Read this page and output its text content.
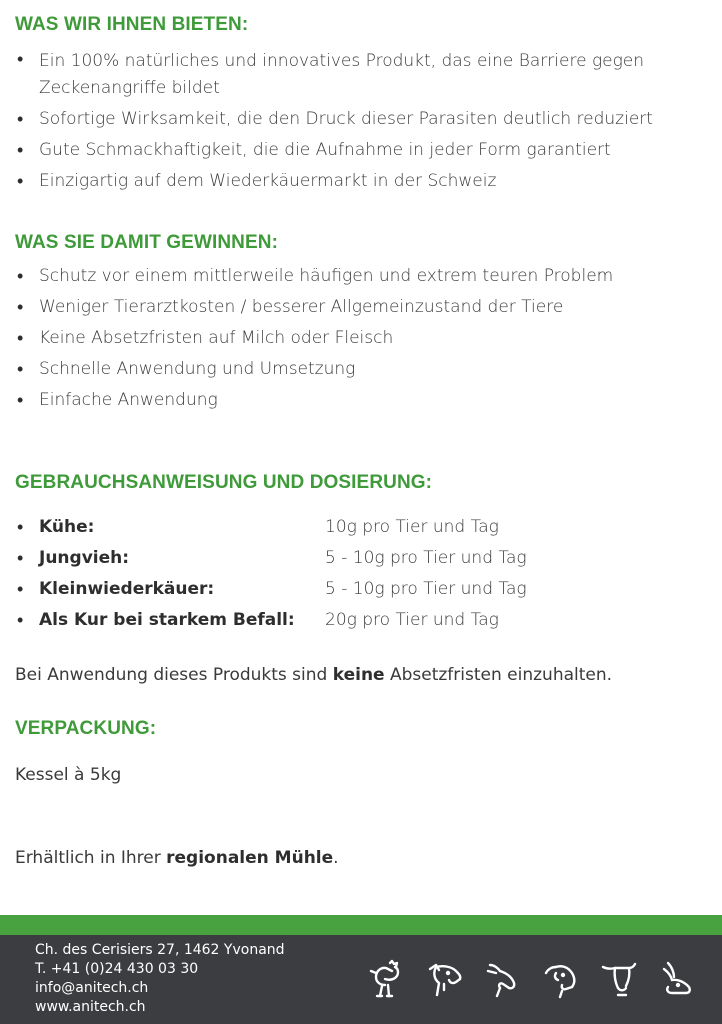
WAS WIR IHNEN BIETEN:
• Ein 100% natürliches und innovatives Produkt, das eine Barriere gegen Zeckenangriffe bildet
• Sofortige Wirksamkeit, die den Druck dieser Parasiten deutlich reduziert
• Gute Schmackhaftigkeit, die die Aufnahme in jeder Form garantiert
• Einzigartig auf dem Wiederkäuermarkt in der Schweiz
WAS SIE DAMIT GEWINNEN:
• Schutz vor einem mittlerweile häufigen und extrem teuren Problem
• Weniger Tierarztkosten / besserer Allgemeinzustand der Tiere
• Keine Absetzfristen auf Milch oder Fleisch
• Schnelle Anwendung und Umsetzung
• Einfache Anwendung
GEBRAUCHSANWEISUNG UND DOSIERUNG:
• Kühe:	10g pro Tier und Tag
• Jungvieh:	5 - 10g pro Tier und Tag
• Kleinwiederkäuer:	5 - 10g pro Tier und Tag
• Als Kur bei starkem Befall:	20g pro Tier und Tag

Bei Anwendung dieses Produkts sind keine Absetzfristen einzuhalten.

VERPACKUNG:

Kessel à 5kg

Erhältlich in Ihrer regionalen Mühle.

Ch. des Cerisiers 27, 1462 Yvonand
T. +41 (0)24 430 03 30
info@anitech.ch
www.anitech.ch
